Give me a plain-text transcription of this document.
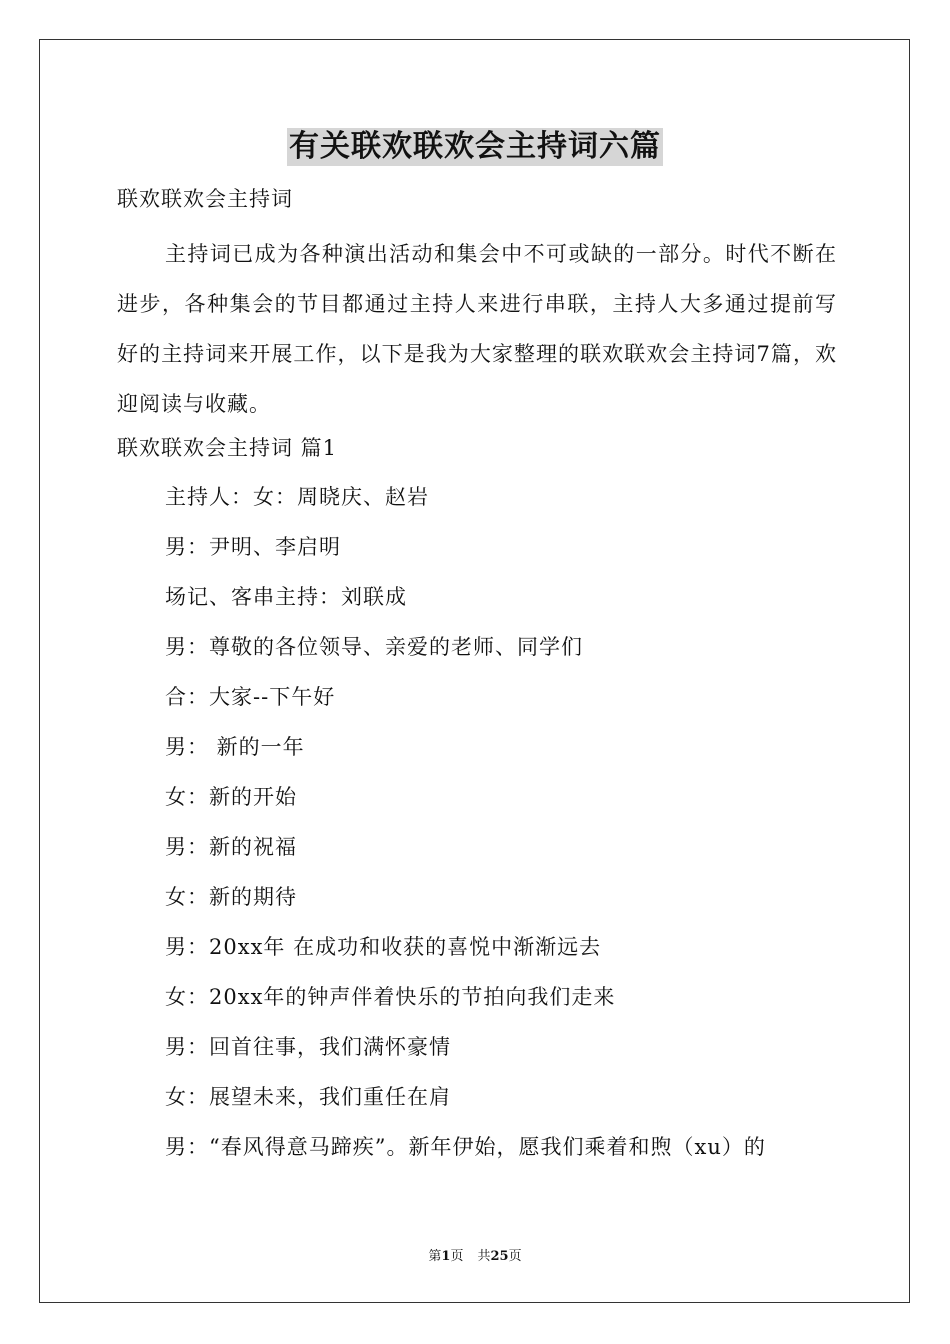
有关联欢联欢会主持词六篇
联欢联欢会主持词

主持词已成为各种演出活动和集会中不可或缺的一部分。时代不断在进步，各种集会的节目都通过主持人来进行串联，主持人大多通过提前写好的主持词来开展工作，以下是我为大家整理的联欢联欢会主持词7篇，欢迎阅读与收藏。

联欢联欢会主持词 篇1
主持人：女：周晓庆、赵岩
男：尹明、李启明
场记、客串主持：刘联成
男：尊敬的各位领导、亲爱的老师、同学们
合：大家--下午好
男： 新的一年
女：新的开始
男：新的祝福
女：新的期待
男：20xx年 在成功和收获的喜悦中渐渐远去
女：20xx年的钟声伴着快乐的节拍向我们走来
男：回首往事，我们满怀豪情
女：展望未来，我们重任在肩
男：“春风得意马蹄疾”。新年伊始，愿我们乘着和煦（xu）的
第1页 共25页
